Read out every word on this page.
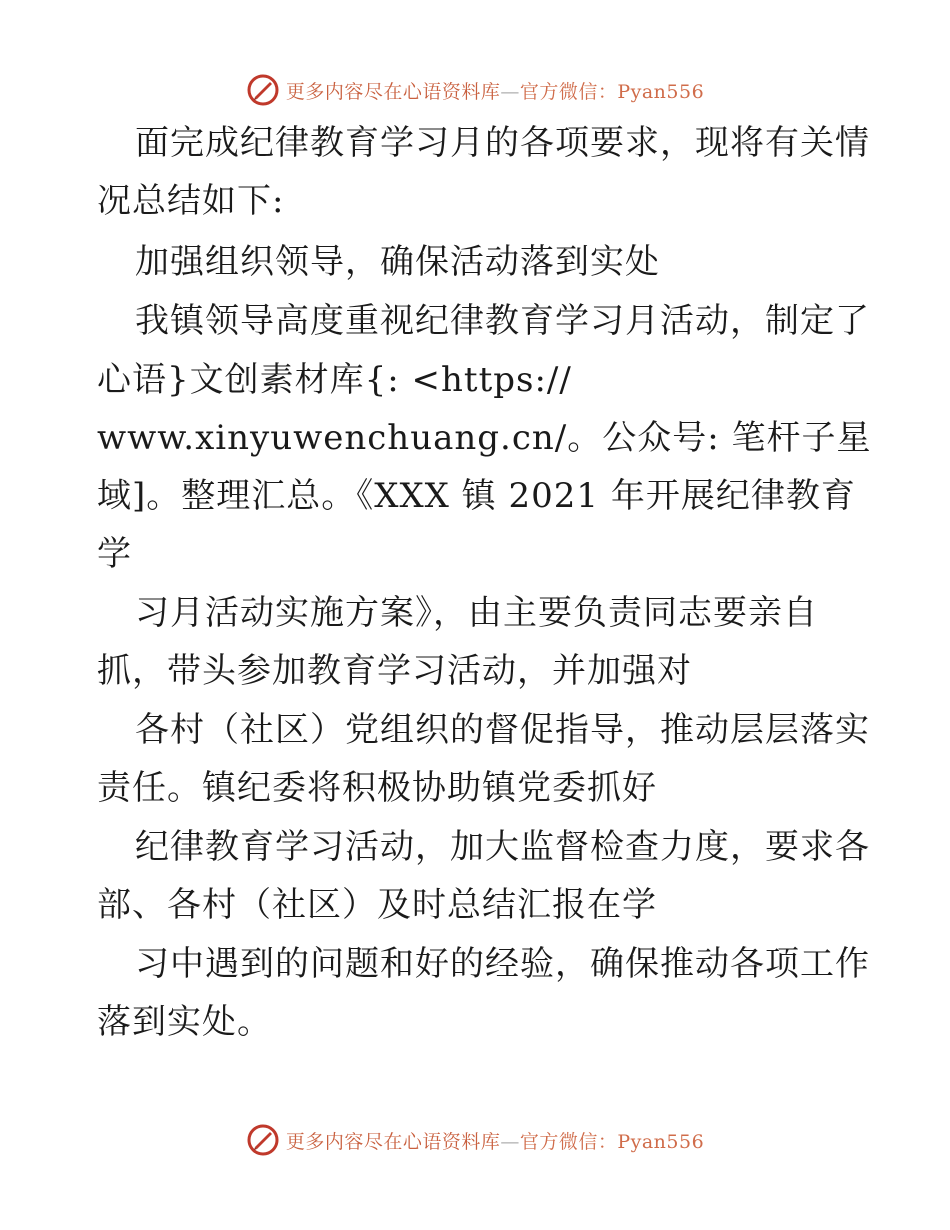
更多内容尽在心语资料库—官方微信：Pyan556
面完成纪律教育学习月的各项要求，现将有关情
况总结如下:
加强组织领导，确保活动落到实处
我镇领导高度重视纪律教育学习月活动，制定了
心语}文创素材库{: <https://
www.xinyuwenchuang.cn/。公众号: 笔杆子星
域]。整理汇总。《XXX 镇 2021 年开展纪律教育
学
习月活动实施方案》，由主要负责同志要亲自
抓，带头参加教育学习活动，并加强对
各村（社区）党组织的督促指导，推动层层落实
责任。镇纪委将积极协助镇党委抓好
纪律教育学习活动，加大监督检查力度，要求各
部、各村（社区）及时总结汇报在学
习中遇到的问题和好的经验，确保推动各项工作
落到实处。
更多内容尽在心语资料库—官方微信：Pyan556
